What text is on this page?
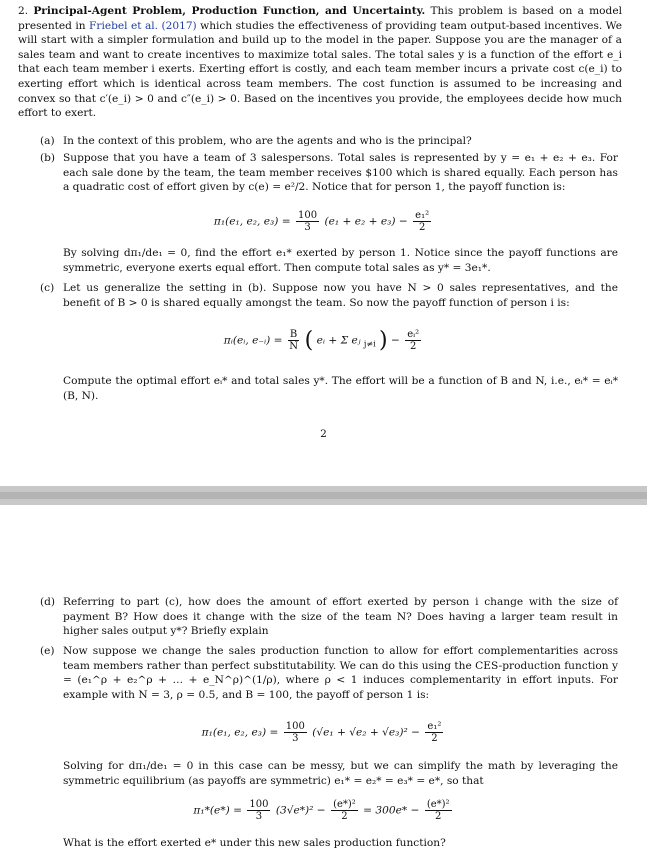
2. Principal-Agent Problem, Production Function, and Uncertainty. This problem is based on a model presented in Friebel et al. (2017) which studies the effectiveness of providing team output-based incentives. We will start with a simpler formulation and build up to the model in the paper. Suppose you are the manager of a sales team and want to create incentives to maximize total sales. The total sales y is a function of the effort e_i that each team member i exerts. Exerting effort is costly, and each team member incurs a private cost c(e_i) to exerting effort which is identical across team members. The cost function is assumed to be increasing and convex so that c′(e_i) > 0 and c″(e_i) > 0. Based on the incentives you provide, the employees decide how much effort to exert.
(a) In the context of this problem, who are the agents and who is the principal?
(b) Suppose that you have a team of 3 salespersons. Total sales is represented by y = e₁ + e₂ + e₃. For each sale done by the team, the team member receives $100 which is shared equally. Each person has a quadratic cost of effort given by c(e) = e²/2. Notice that for person 1, the payoff function is:
π₁(e₁, e₂, $e_3) = \frac{100}{3} (e_1 + e_2 + e_3) - \frac{\text{e₁²}}{2}$
By solving dπ₁/de₁ = 0, find the effort e₁* exerted by person 1. Notice since the payoff functions are symmetric, everyone exerts equal effort. Then compute total sales as y* = 3e₁*.
(c) Let us generalize the setting in (b). Suppose now you have N > 0 sales representatives, and the benefit of B > 0 is shared equally amongst the team. So now the payoff function of person i is:
πᵢ(eᵢ, e₋ᵢ) = $\frac{B}{N}$ ( eᵢ + Σ eⱼ $_{j\ne i}$ ) − $\frac{\text{eᵢ²}}{2}$
Compute the optimal effort eᵢ* and total sales y*. The effort will be a function of B and N, i.e., eᵢ* = eᵢ*(B, N).
2
(d) Referring to part (c), how does the amount of effort exerted by person i change with the size of payment B? How does it change with the size of the team N? Does having a larger team result in higher sales output y*? Briefly explain
(e) Now suppose we change the sales production function to allow for effort complementarities across team members rather than perfect substitutability. We can do this using the CES-production function y = (e₁^ρ + e₂^ρ + … + e_N^ρ)^(1/ρ), where ρ < 1 induces complementarity in effort inputs. For example with N = 3, ρ = 0.5, and B = 100, the payoff of person 1 is:
π₁(e₁, e₂, $e_3) = \frac{100}{3} (√e_1 + √e_2 + √e_3)^2 - \frac{\text{e₁²}}{2}$
Solving for dπ₁/de₁ = 0 in this case can be messy, but we can simplify the math by leveraging the symmetric equilibrium (as payoffs are symmetric) e₁* = e₂* = e₃* = e*, so that
$\pi_1*(e*) = \frac{100}{3} (3√e*)^2 - \frac{\text{(e*)²}}{2} = 300e* - \frac{\text{(e*)²}}{2}$
What is the effort exerted e* under this new sales production function?
